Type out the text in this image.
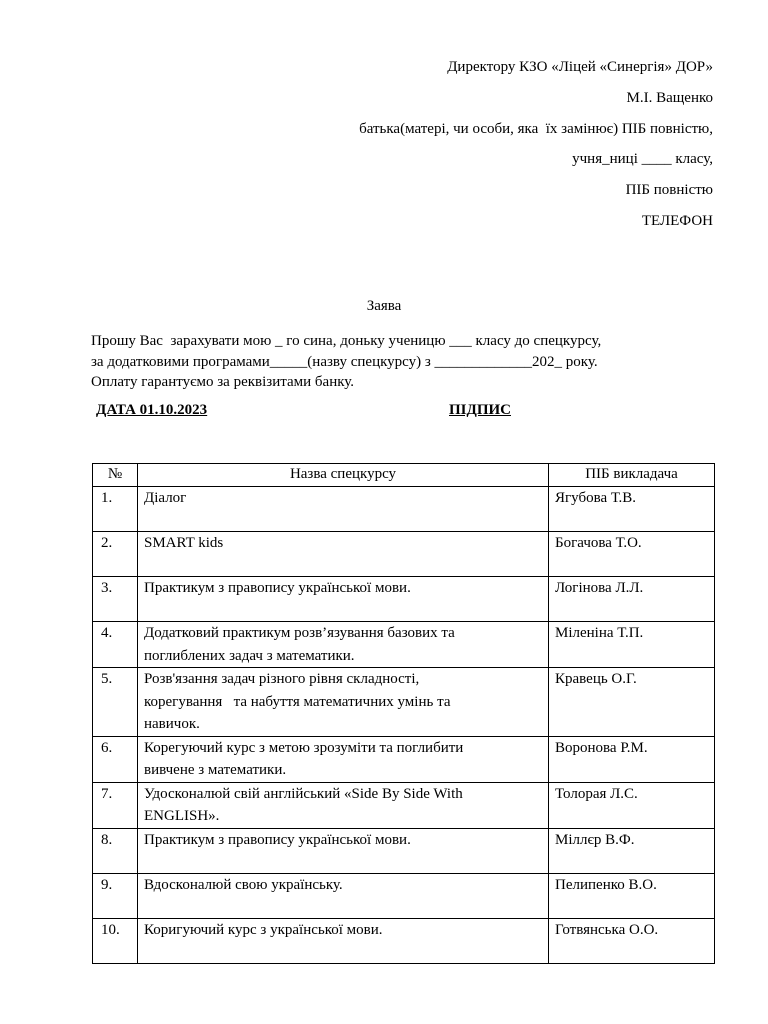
Директору КЗО «Ліцей «Синергія» ДОР»
М.І. Ващенко
батька(матері, чи особи, яка  їх замінює) ПІБ повністю,
учня_ниці ____ класу,
ПІБ повністю
ТЕЛЕФОН
Заява
Прошу Вас  зарахувати мою _ го сина, доньку ученицю ___ класу до спецкурсу,
за додатковими програмами_____(назву спецкурсу) з _____________202_ року.
Оплату гарантуємо за реквізитами банку.
ДАТА 01.10.2023	ПІДПИС
№	Назва спецкурсу	ПІБ викладача
1.	Діалог	Ягубова Т.В.
2.	SMART kids	Богачова Т.О.
3.	Практикум з правопису української мови.	Логінова Л.Л.
4.	Додатковий практикум розв’язування базових та
поглиблених задач з математики.	Міленіна Т.П.
5.	Розв'язання задач різного рівня складності,
корегування   та набуття математичних умінь та
навичок.	Кравець О.Г.
6.	Корегуючий курс з метою зрозуміти та поглибити
вивчене з математики.	Воронова Р.М.
7.	Удосконалюй свій англійський «Side By Side With
ENGLISH».	Толорая Л.С.
8.	Практикум з правопису української мови.	Міллєр В.Ф.
9.	Вдосконалюй свою українську.	Пелипенко В.О.
10.	Коригуючий курс з української мови.	Готвянська О.О.
